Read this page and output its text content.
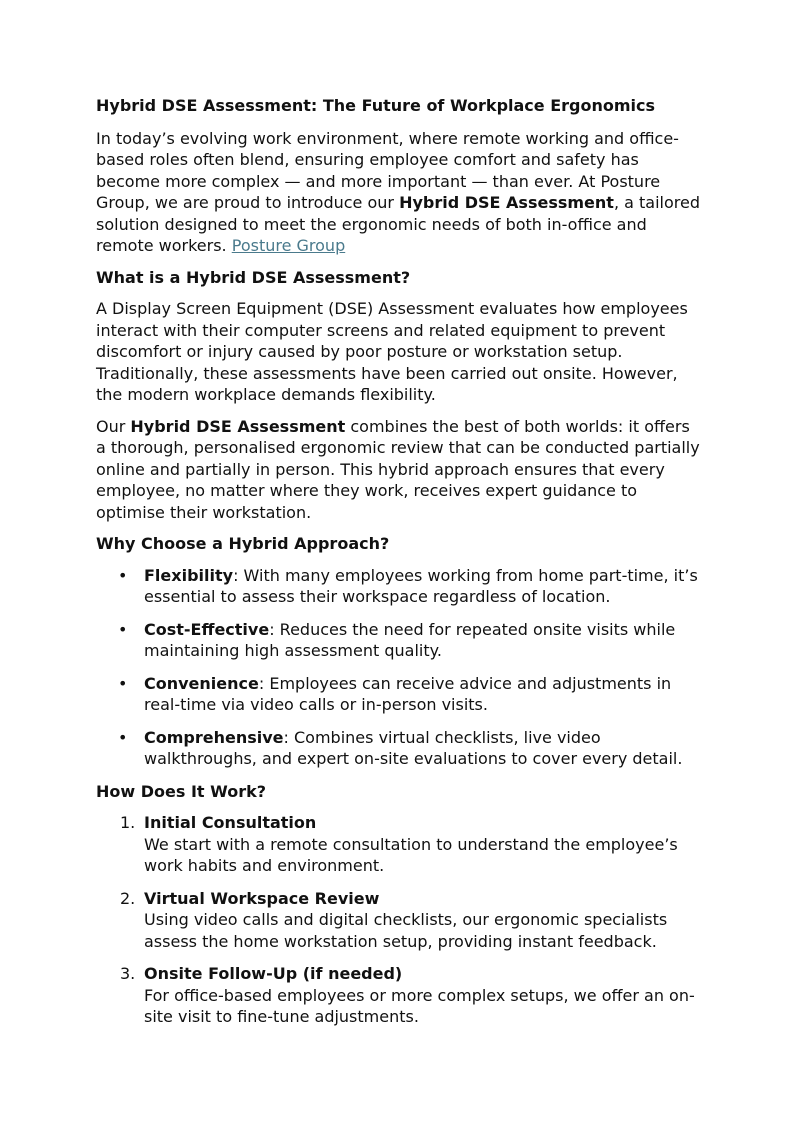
Hybrid DSE Assessment: The Future of Workplace Ergonomics

In today’s evolving work environment, where remote working and office-based roles often blend, ensuring employee comfort and safety has become more complex — and more important — than ever. At Posture Group, we are proud to introduce our Hybrid DSE Assessment, a tailored solution designed to meet the ergonomic needs of both in-office and remote workers. Posture Group

What is a Hybrid DSE Assessment?

A Display Screen Equipment (DSE) Assessment evaluates how employees interact with their computer screens and related equipment to prevent discomfort or injury caused by poor posture or workstation setup. Traditionally, these assessments have been carried out onsite. However, the modern workplace demands flexibility.

Our Hybrid DSE Assessment combines the best of both worlds: it offers a thorough, personalised ergonomic review that can be conducted partially online and partially in person. This hybrid approach ensures that every employee, no matter where they work, receives expert guidance to optimise their workstation.

Why Choose a Hybrid Approach?
• Flexibility: With many employees working from home part-time, it’s essential to assess their workspace regardless of location.
• Cost-Effective: Reduces the need for repeated onsite visits while maintaining high assessment quality.
• Convenience: Employees can receive advice and adjustments in real-time via video calls or in-person visits.
• Comprehensive: Combines virtual checklists, live video walkthroughs, and expert on-site evaluations to cover every detail.
How Does It Work?
1. Initial Consultation
We start with a remote consultation to understand the employee’s work habits and environment.
2. Virtual Workspace Review
Using video calls and digital checklists, our ergonomic specialists assess the home workstation setup, providing instant feedback.
3. Onsite Follow-Up (if needed)
For office-based employees or more complex setups, we offer an on-site visit to fine-tune adjustments.
